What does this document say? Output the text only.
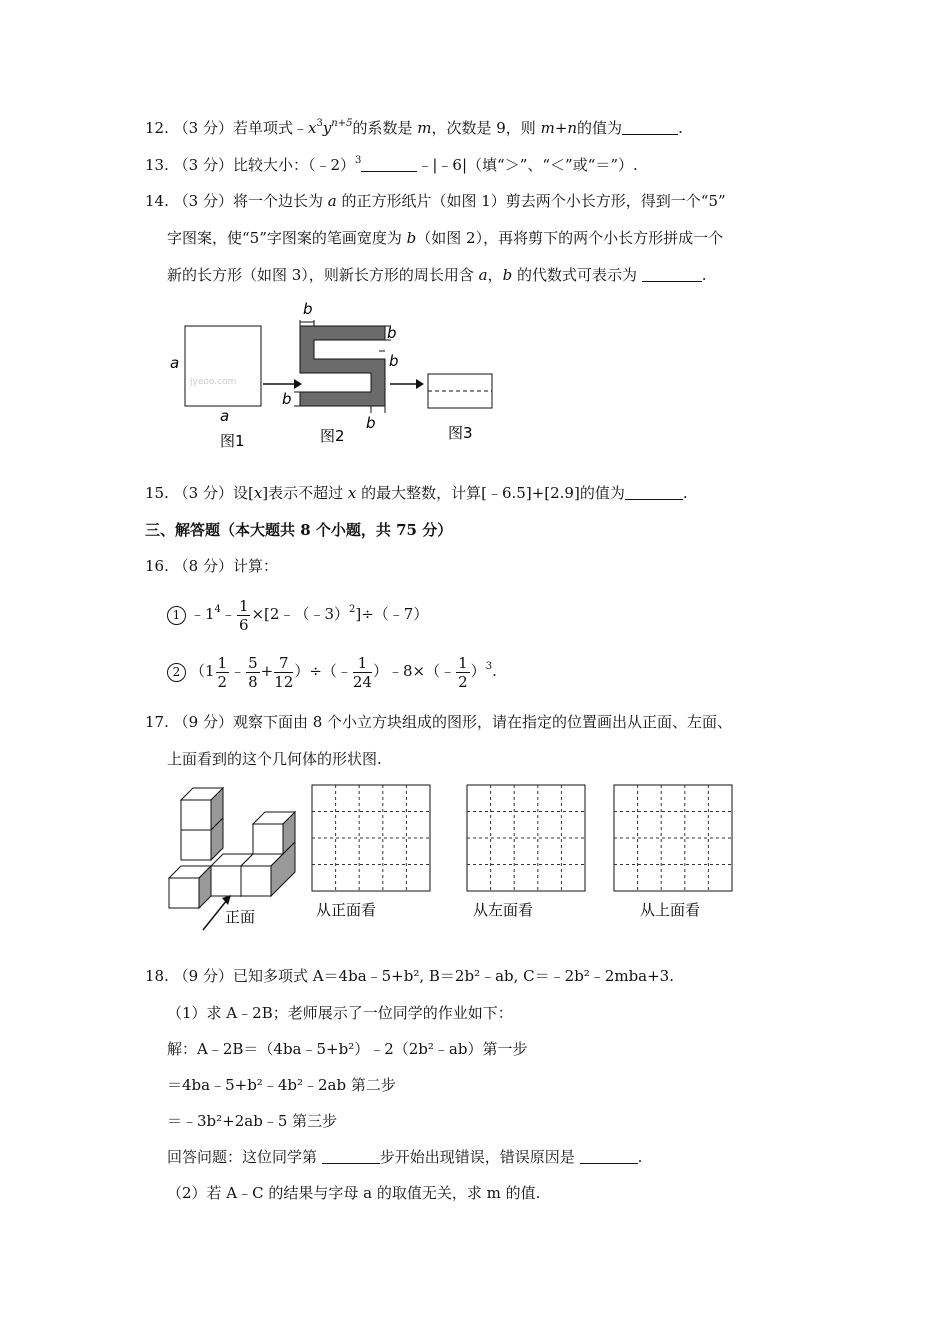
12. （3 分）若单项式$﹣x^3y^{n+5}$的系数是 m，次数是 9，则 m+n的值为	.
13. （3 分）比较大小：（﹣2）$^3$	﹣|﹣6|（填“＞”、“＜”或“＝”）.
14. （3 分）将一个边长为 a 的正方形纸片（如图 1）剪去两个小长方形，得到一个“5”
字图案，使“5”字图案的笔画宽度为 b（如图 2），再将剪下的两个小长方形拼成一个
新的长方形（如图 3），则新长方形的周长用含 a，b 的代数式可表示为	.
a
a
jyeoo.com
b
b
b
b
b
图1	图2	图3
15. （3 分）设[x]表示不超过 x 的最大整数，计算[﹣6.5]+[2.9]的值为	.
三、解答题（本大题共 8 个小题，共 75 分）
16. （8 分）计算：
1 $﹣1^4﹣ \frac{1}{6}$ ×[2﹣（﹣3）$^2$]÷（﹣7）
2 （$1 \frac{1}{2}$ ﹣ $\frac{5}{8} + \frac{7}{12}$ ）÷（﹣ $\frac{1}{24}$ ）﹣8×（﹣ $\frac{1}{2} )^3$.
17. （9 分）观察下面由 8 个小立方块组成的图形，请在指定的位置画出从正面、左面、
上面看到的这个几何体的形状图.
正面	从正面看	从左面看	从上面看
18. （9 分）已知多项式 A＝4ba﹣5+b², B＝2b²﹣ab, C＝﹣2b²﹣2mba+3.
（1）求 A﹣2B；老师展示了一位同学的作业如下：
解：A﹣2B＝（4ba﹣5+b²）﹣2（2b²﹣ab）第一步
＝4ba﹣5+b²﹣4b²﹣2ab 第二步
＝﹣3b²+2ab﹣5 第三步
回答问题：这位同学第	步开始出现错误，错误原因是	.
（2）若 A﹣C 的结果与字母 a 的取值无关，求 m 的值.
